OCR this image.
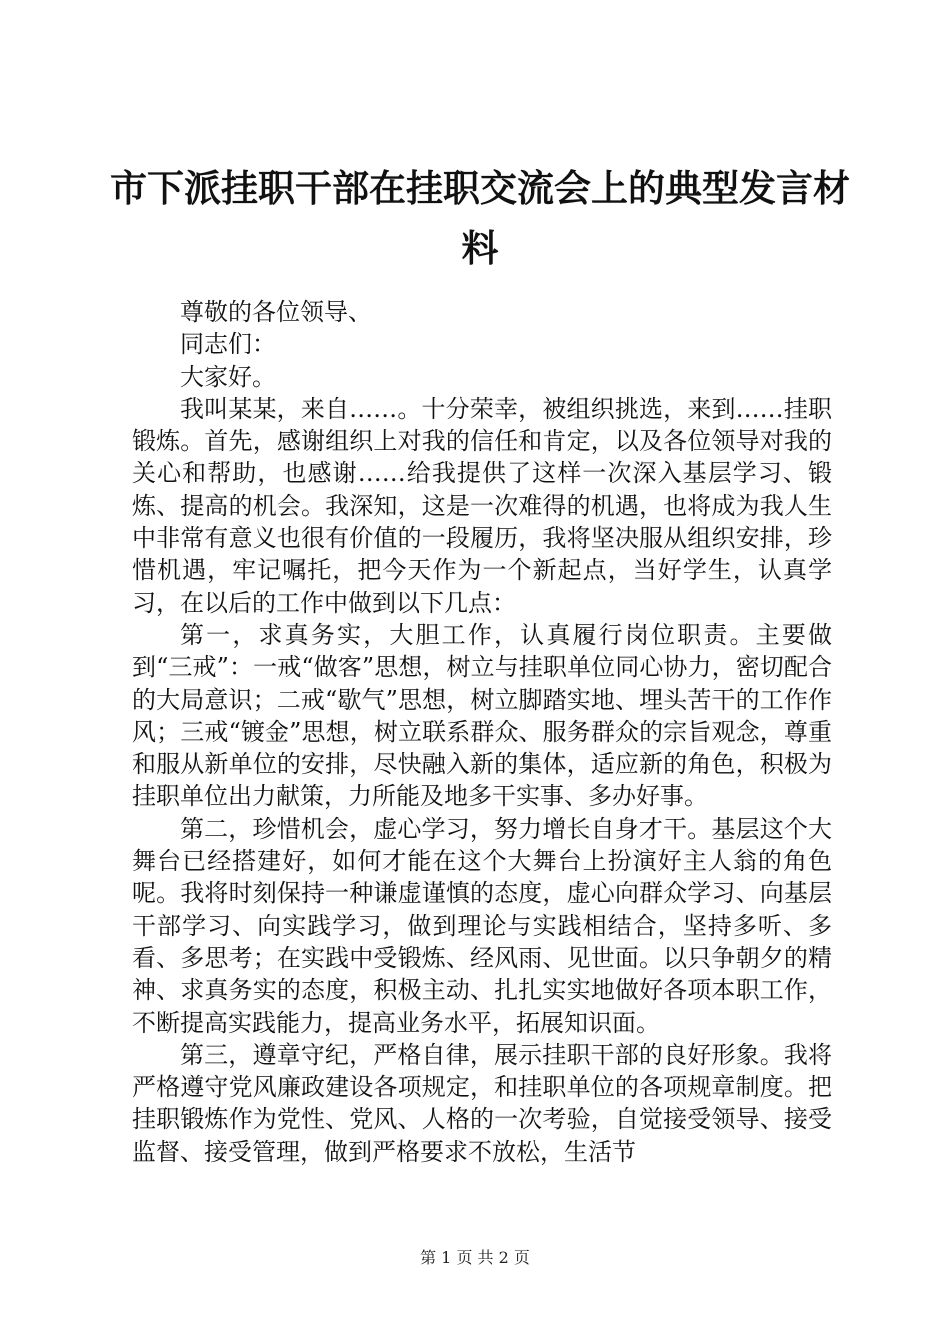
市下派挂职干部在挂职交流会上的典型发言材料

尊敬的各位领导、

同志们：

大家好。

我叫某某，来自……。十分荣幸，被组织挑选，来到……挂职锻炼。首先，感谢组织上对我的信任和肯定，以及各位领导对我的关心和帮助，也感谢……给我提供了这样一次深入基层学习、锻炼、提高的机会。我深知，这是一次难得的机遇，也将成为我人生中非常有意义也很有价值的一段履历，我将坚决服从组织安排，珍惜机遇，牢记嘱托，把今天作为一个新起点，当好学生，认真学习，在以后的工作中做到以下几点：

第一，求真务实，大胆工作，认真履行岗位职责。主要做到“三戒”：一戒“做客”思想，树立与挂职单位同心协力，密切配合的大局意识；二戒“歇气”思想，树立脚踏实地、埋头苦干的工作作风；三戒“镀金”思想，树立联系群众、服务群众的宗旨观念，尊重和服从新单位的安排，尽快融入新的集体，适应新的角色，积极为挂职单位出力献策，力所能及地多干实事、多办好事。

第二，珍惜机会，虚心学习，努力增长自身才干。基层这个大舞台已经搭建好，如何才能在这个大舞台上扮演好主人翁的角色呢。我将时刻保持一种谦虚谨慎的态度，虚心向群众学习、向基层干部学习、向实践学习，做到理论与实践相结合，坚持多听、多看、多思考；在实践中受锻炼、经风雨、见世面。以只争朝夕的精神、求真务实的态度，积极主动、扎扎实实地做好各项本职工作，不断提高实践能力，提高业务水平，拓展知识面。

第三，遵章守纪，严格自律，展示挂职干部的良好形象。我将严格遵守党风廉政建设各项规定，和挂职单位的各项规章制度。把挂职锻炼作为党性、党风、人格的一次考验，自觉接受领导、接受监督、接受管理，做到严格要求不放松，生活节

第 1 页 共 2 页
